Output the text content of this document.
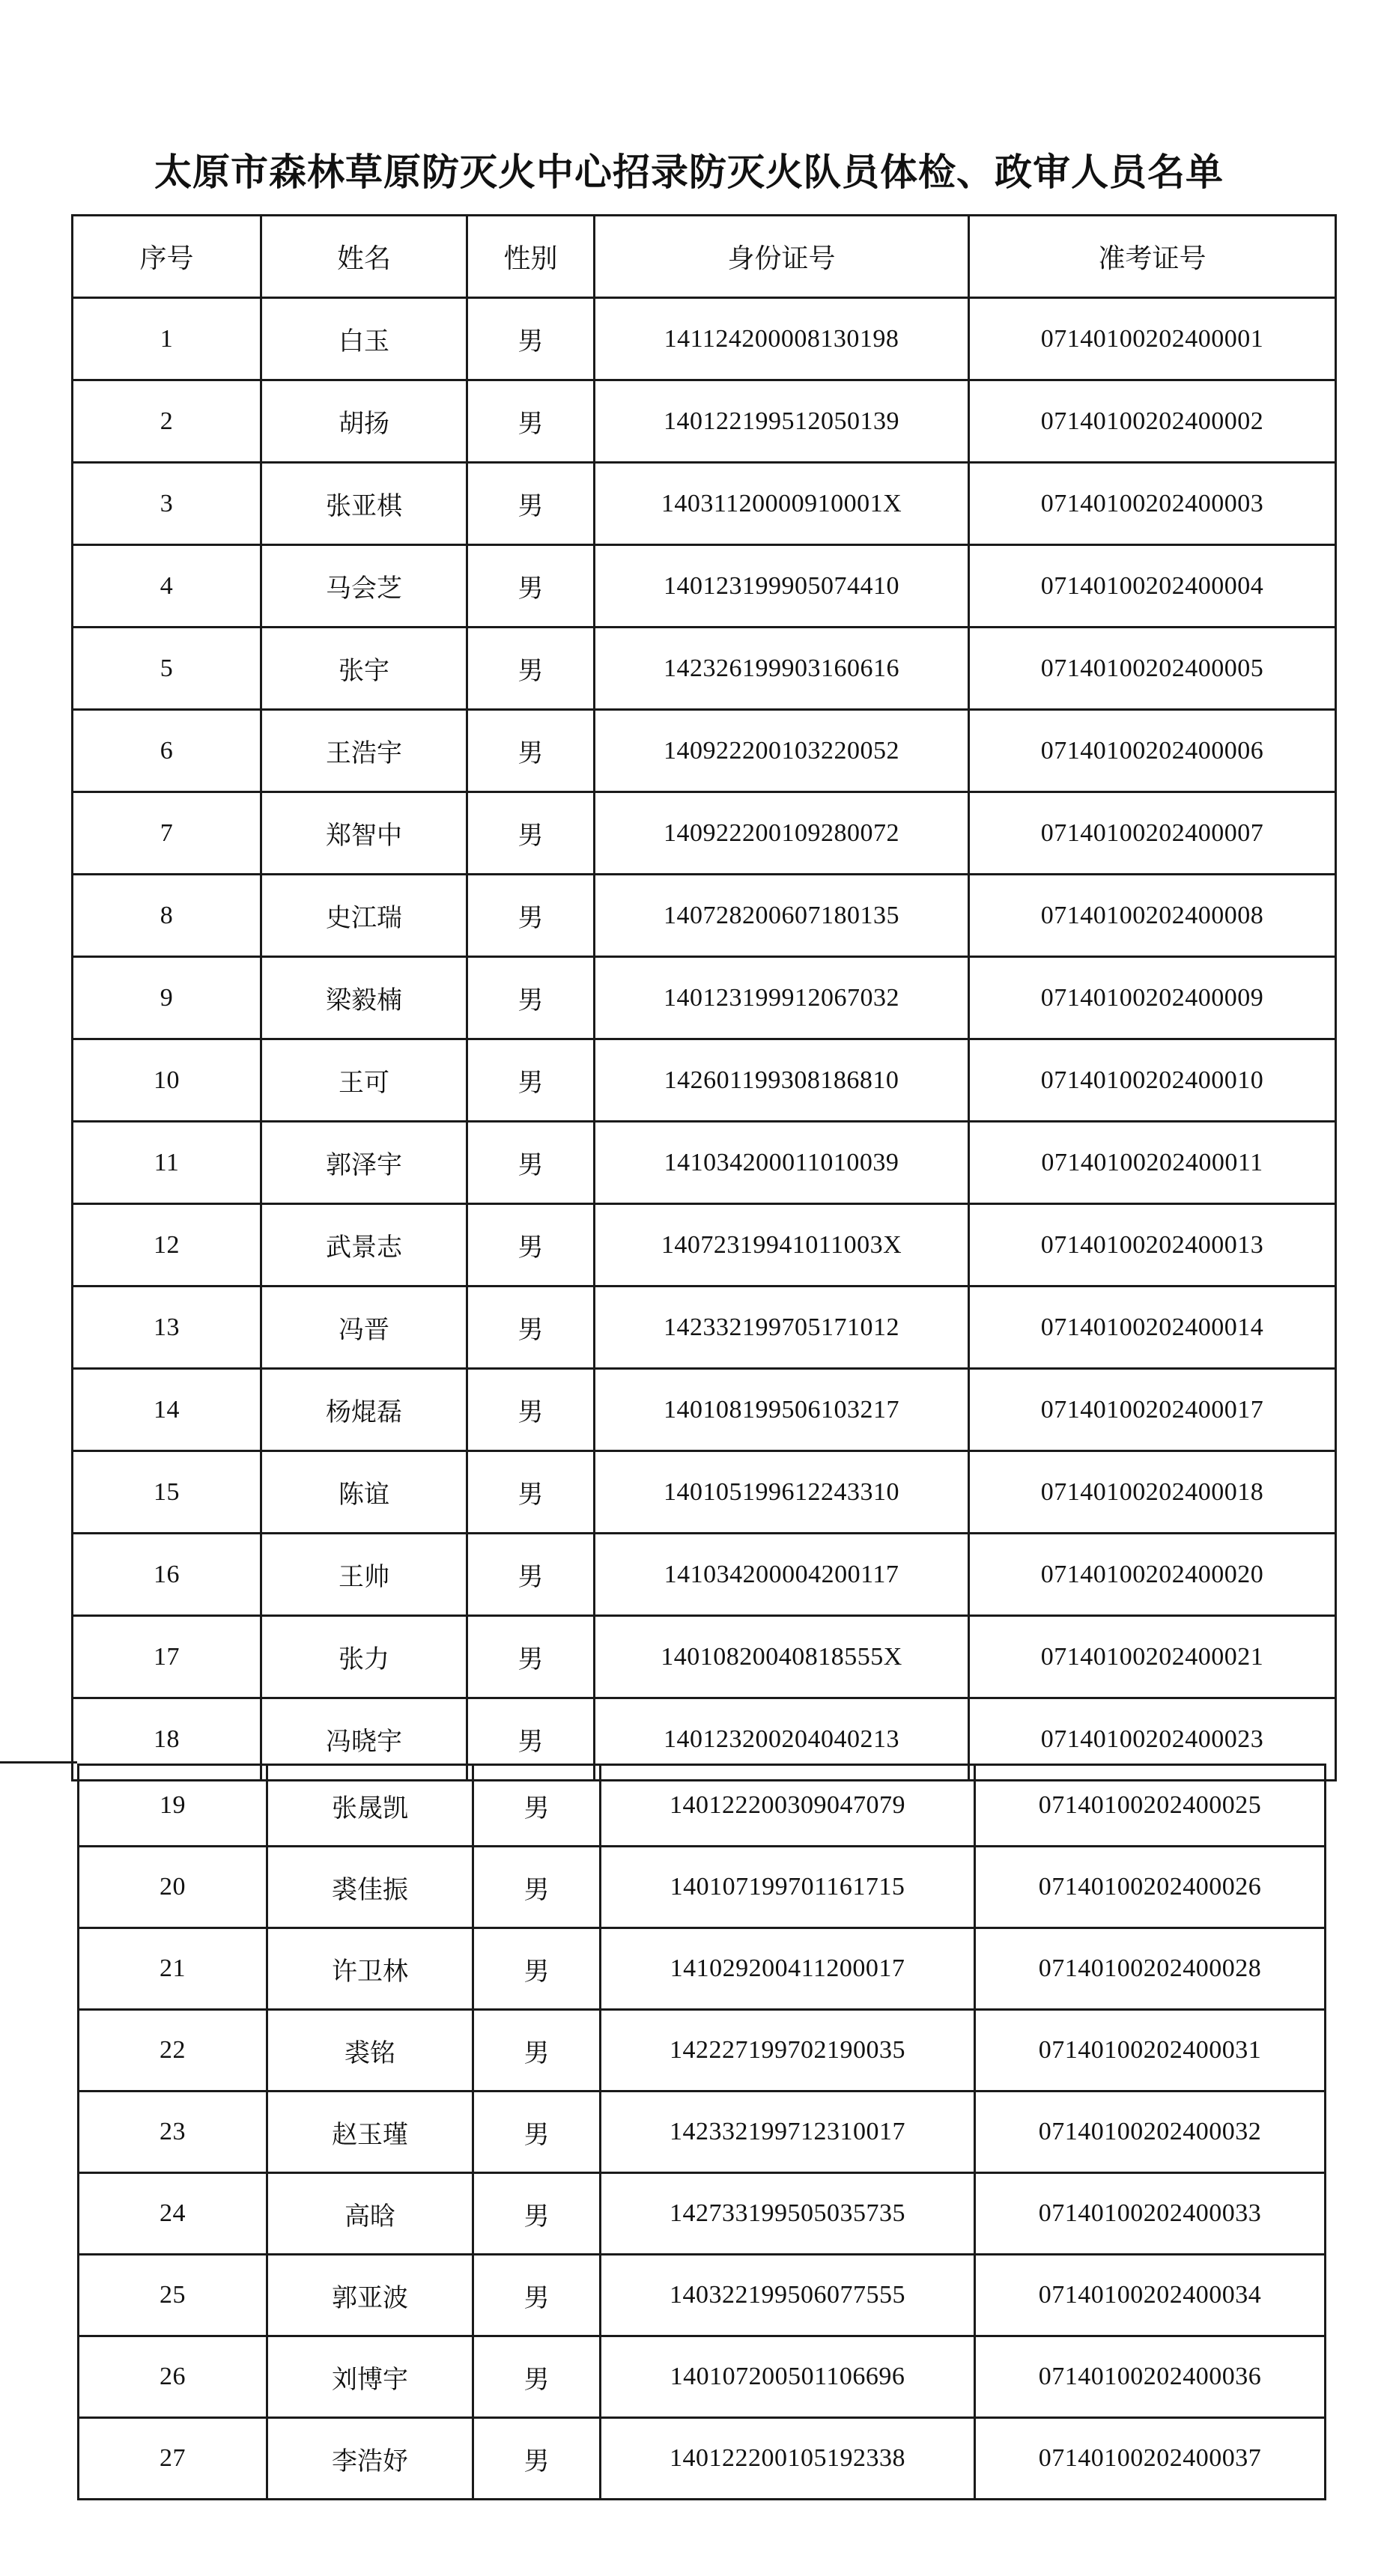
太原市森林草原防灭火中心招录防灭火队员体检、政审人员名单
序号	姓名	性别	身份证号	准考证号
1	白玉	男	141124200008130198	07140100202400001
2	胡扬	男	140122199512050139	07140100202400002
3	张亚棋	男	14031120000910001X	07140100202400003
4	马会芝	男	140123199905074410	07140100202400004
5	张宇	男	142326199903160616	07140100202400005
6	王浩宇	男	140922200103220052	07140100202400006
7	郑智中	男	140922200109280072	07140100202400007
8	史江瑞	男	140728200607180135	07140100202400008
9	梁毅楠	男	140123199912067032	07140100202400009
10	王可	男	142601199308186810	07140100202400010
11	郭泽宇	男	141034200011010039	07140100202400011
12	武景志	男	14072319941011003X	07140100202400013
13	冯晋	男	142332199705171012	07140100202400014
14	杨焜磊	男	140108199506103217	07140100202400017
15	陈谊	男	140105199612243310	07140100202400018
16	王帅	男	141034200004200117	07140100202400020
17	张力	男	14010820040818555X	07140100202400021
18	冯晓宇	男	140123200204040213	07140100202400023
19	张晟凯	男	140122200309047079	07140100202400025
20	裘佳振	男	140107199701161715	07140100202400026
21	许卫林	男	141029200411200017	07140100202400028
22	裘铭	男	142227199702190035	07140100202400031
23	赵玉瑾	男	142332199712310017	07140100202400032
24	高晗	男	142733199505035735	07140100202400033
25	郭亚波	男	140322199506077555	07140100202400034
26	刘博宇	男	140107200501106696	07140100202400036
27	李浩妤	男	140122200105192338	07140100202400037
